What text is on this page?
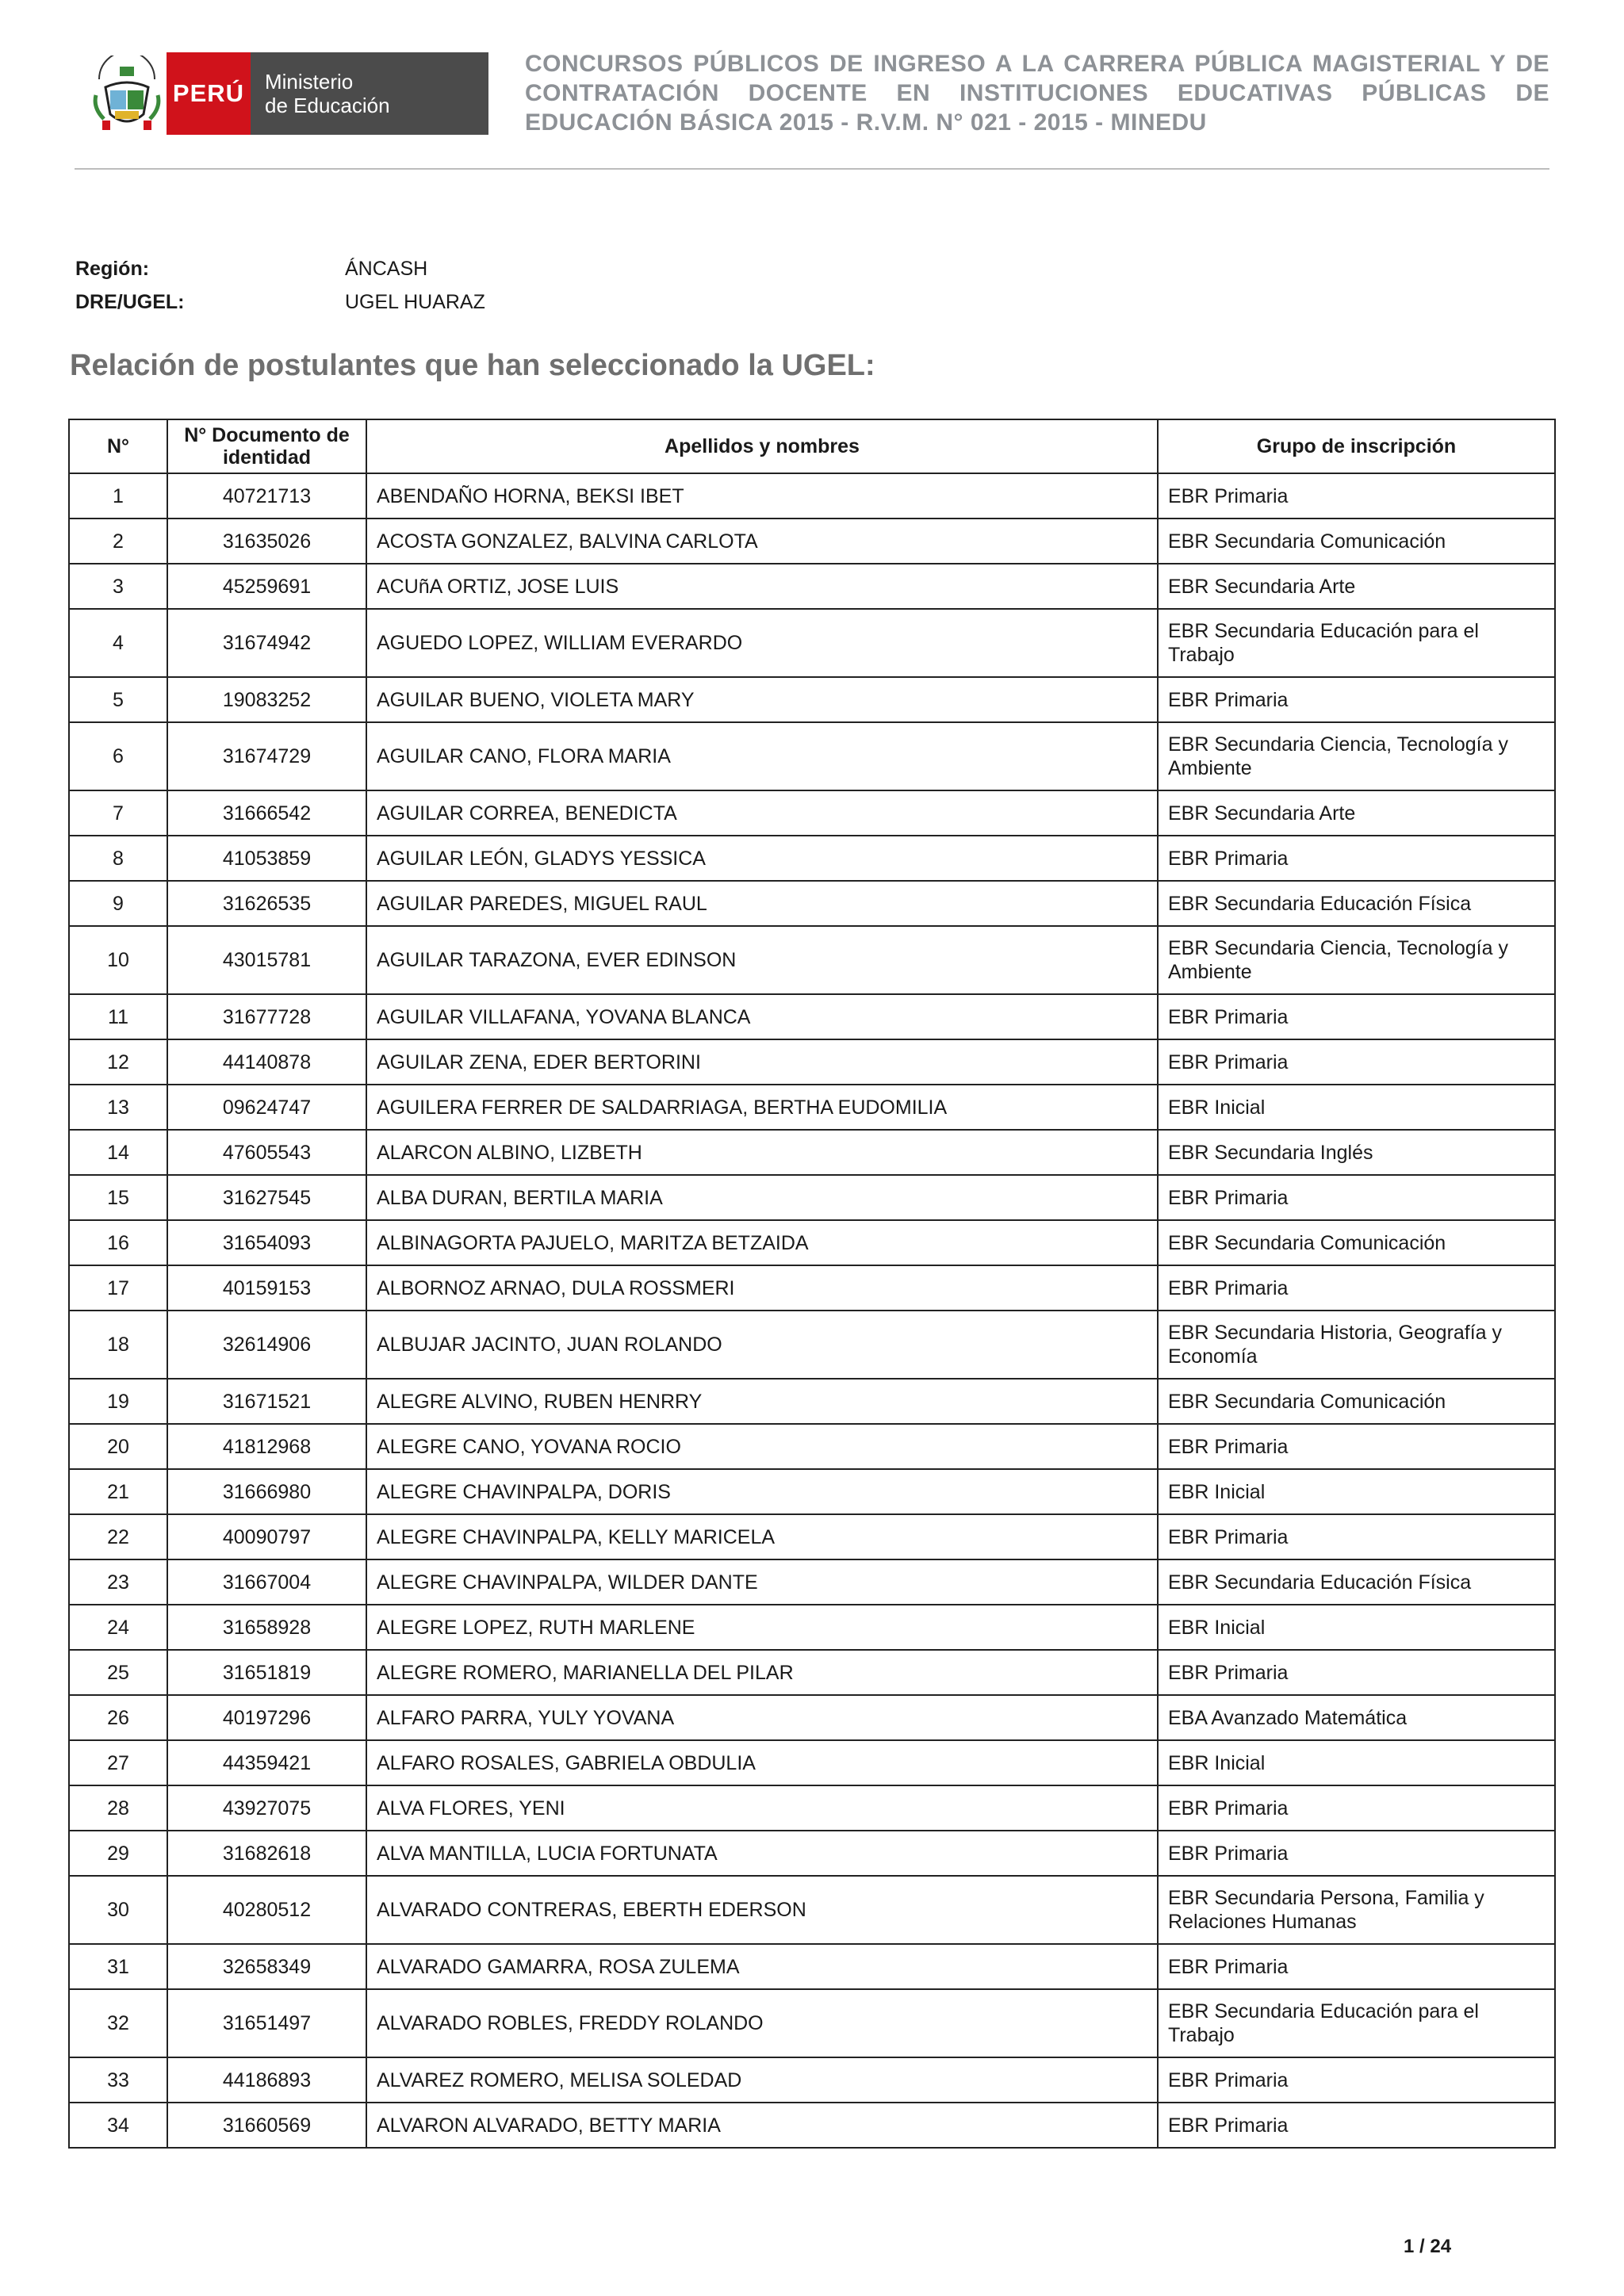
PERÚ Ministerio
de Educación
CONCURSOS PÚBLICOS DE INGRESO A LA CARRERA PÚBLICA MAGISTERIAL Y DE CONTRATACIÓN DOCENTE EN INSTITUCIONES EDUCATIVAS PÚBLICAS DE EDUCACIÓN BÁSICA 2015 - R.V.M. N° 021 - 2015 - MINEDU
Región:	ÁNCASH
DRE/UGEL:	UGEL HUARAZ
Relación de postulantes que han seleccionado la UGEL:
N°	N° Documento de identidad	Apellidos y nombres	Grupo de inscripción
1	40721713	ABENDAÑO HORNA, BEKSI IBET	EBR Primaria
2	31635026	ACOSTA GONZALEZ, BALVINA CARLOTA	EBR Secundaria Comunicación
3	45259691	ACUñA ORTIZ, JOSE LUIS	EBR Secundaria Arte
4	31674942	AGUEDO LOPEZ, WILLIAM EVERARDO	EBR Secundaria Educación para el Trabajo
5	19083252	AGUILAR BUENO, VIOLETA MARY	EBR Primaria
6	31674729	AGUILAR CANO, FLORA MARIA	EBR Secundaria Ciencia, Tecnología y Ambiente
7	31666542	AGUILAR CORREA, BENEDICTA	EBR Secundaria Arte
8	41053859	AGUILAR LEÓN, GLADYS YESSICA	EBR Primaria
9	31626535	AGUILAR PAREDES, MIGUEL RAUL	EBR Secundaria Educación Física
10	43015781	AGUILAR TARAZONA, EVER EDINSON	EBR Secundaria Ciencia, Tecnología y Ambiente
11	31677728	AGUILAR VILLAFANA, YOVANA BLANCA	EBR Primaria
12	44140878	AGUILAR ZENA, EDER BERTORINI	EBR Primaria
13	09624747	AGUILERA FERRER DE SALDARRIAGA, BERTHA EUDOMILIA	EBR Inicial
14	47605543	ALARCON ALBINO, LIZBETH	EBR Secundaria Inglés
15	31627545	ALBA DURAN, BERTILA MARIA	EBR Primaria
16	31654093	ALBINAGORTA PAJUELO, MARITZA BETZAIDA	EBR Secundaria Comunicación
17	40159153	ALBORNOZ ARNAO, DULA ROSSMERI	EBR Primaria
18	32614906	ALBUJAR JACINTO, JUAN ROLANDO	EBR Secundaria Historia, Geografía y Economía
19	31671521	ALEGRE ALVINO, RUBEN HENRRY	EBR Secundaria Comunicación
20	41812968	ALEGRE CANO, YOVANA ROCIO	EBR Primaria
21	31666980	ALEGRE CHAVINPALPA, DORIS	EBR Inicial
22	40090797	ALEGRE CHAVINPALPA, KELLY MARICELA	EBR Primaria
23	31667004	ALEGRE CHAVINPALPA, WILDER DANTE	EBR Secundaria Educación Física
24	31658928	ALEGRE LOPEZ, RUTH MARLENE	EBR Inicial
25	31651819	ALEGRE ROMERO, MARIANELLA DEL PILAR	EBR Primaria
26	40197296	ALFARO PARRA, YULY YOVANA	EBA Avanzado Matemática
27	44359421	ALFARO ROSALES, GABRIELA OBDULIA	EBR Inicial
28	43927075	ALVA FLORES, YENI	EBR Primaria
29	31682618	ALVA MANTILLA, LUCIA FORTUNATA	EBR Primaria
30	40280512	ALVARADO CONTRERAS, EBERTH EDERSON	EBR Secundaria Persona, Familia y Relaciones Humanas
31	32658349	ALVARADO GAMARRA, ROSA ZULEMA	EBR Primaria
32	31651497	ALVARADO ROBLES, FREDDY ROLANDO	EBR Secundaria Educación para el Trabajo
33	44186893	ALVAREZ ROMERO, MELISA SOLEDAD	EBR Primaria
34	31660569	ALVARON ALVARADO, BETTY MARIA	EBR Primaria
1 / 24
